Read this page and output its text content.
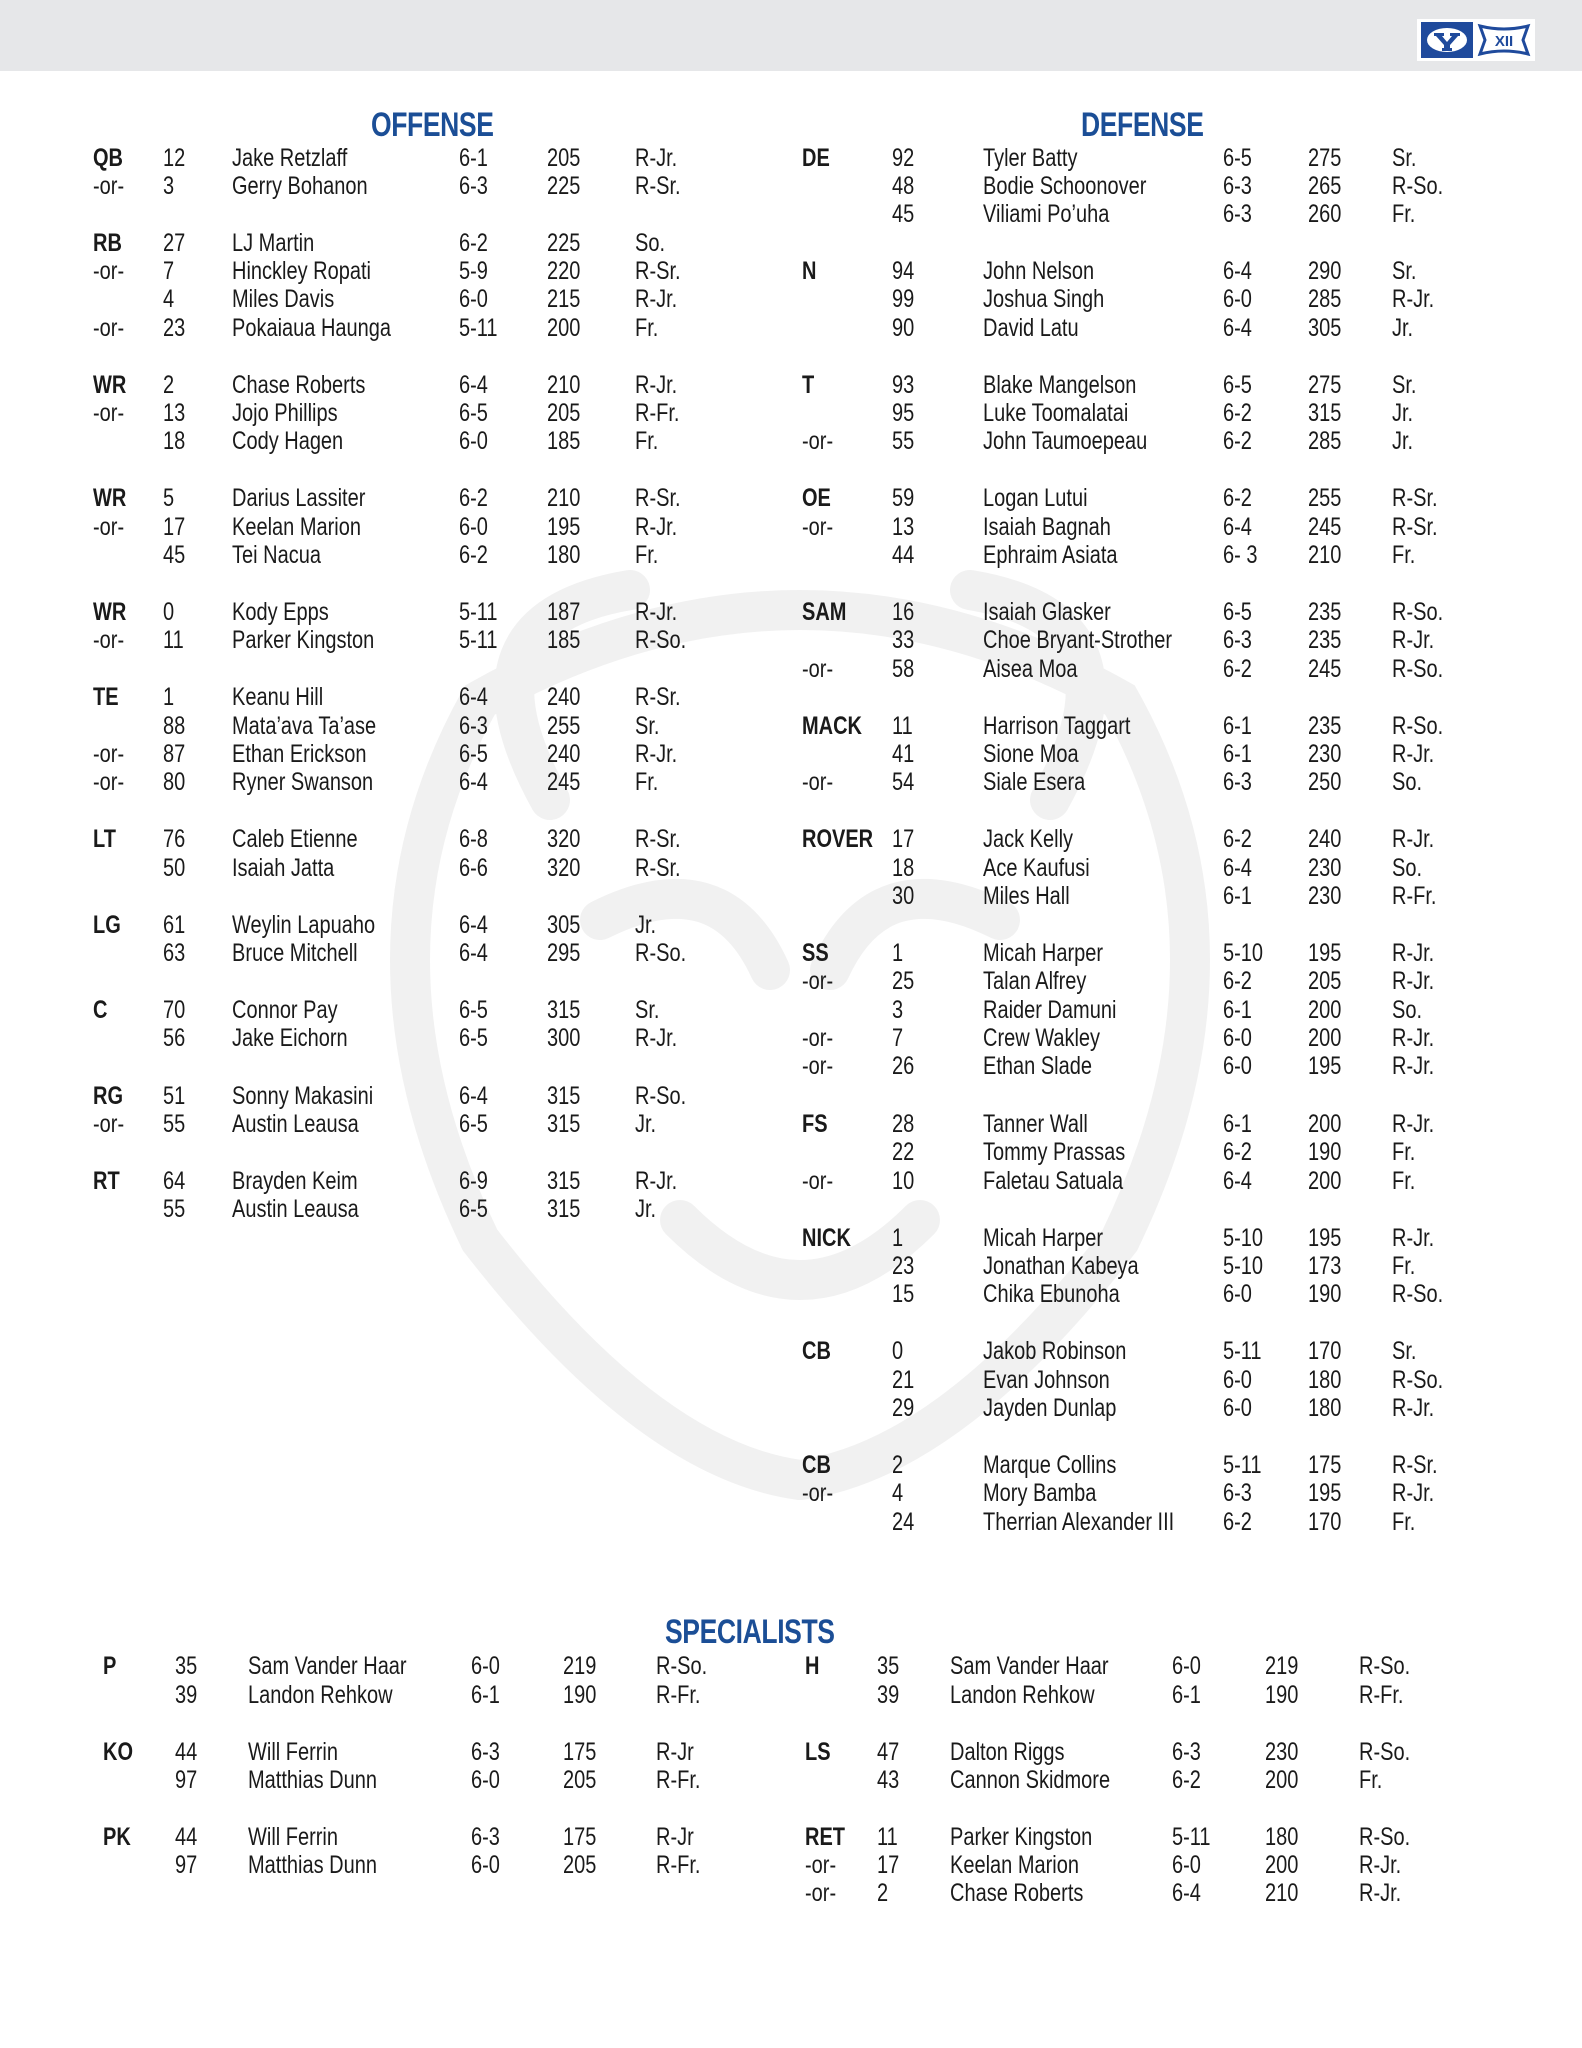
XII
OFFENSE	DEFENSE
SPECIALISTS
QB 12 Jake Retzlaff	6-1 205 R-Jr.
-or- 3 Gerry Bohanon	6-3 225 R-Sr.
RB 27 LJ Martin	6-2 225 So.
-or- 7 Hinckley Ropati	5-9 220 R-Sr.
4 Miles Davis	6-0 215 R-Jr.
-or- 23 Pokaiaua Haunga	5-11 200 Fr.
WR 2 Chase Roberts	6-4 210 R-Jr.
-or- 13 Jojo Phillips	6-5 205 R-Fr.
18 Cody Hagen	6-0 185 Fr.
WR 5 Darius Lassiter	6-2 210 R-Sr.
-or- 17 Keelan Marion	6-0 195 R-Jr.
45 Tei Nacua	6-2 180 Fr.
WR 0 Kody Epps	5-11 187 R-Jr.
-or- 11 Parker Kingston	5-11 185 R-So.
TE 1 Keanu Hill	6-4 240 R-Sr.
88 Mata’ava Ta’ase	6-3 255 Sr.
-or- 87 Ethan Erickson	6-5 240 R-Jr.
-or- 80 Ryner Swanson	6-4 245 Fr.
LT 76 Caleb Etienne	6-8 320 R-Sr.
50 Isaiah Jatta	6-6 320 R-Sr.
LG 61 Weylin Lapuaho	6-4 305 Jr.
63 Bruce Mitchell	6-4 295 R-So.
C 70 Connor Pay	6-5 315 Sr.
56 Jake Eichorn	6-5 300 R-Jr.
RG 51 Sonny Makasini	6-4 315 R-So.
-or- 55 Austin Leausa	6-5 315 Jr.
RT 64 Brayden Keim	6-9 315 R-Jr.
55 Austin Leausa	6-5 315 Jr.
DE 92	Tyler Batty	6-5 275 Sr.
48	Bodie Schoonover	6-3 265 R-So.
45	Viliami Po’uha	6-3 260 Fr.
N	94	John Nelson	6-4 290 Sr.
99	Joshua Singh	6-0 285 R-Jr.
90	David Latu	6-4 305 Jr.
T	93	Blake Mangelson	6-5 275 Sr.
95	Luke Toomalatai	6-2 315 Jr.
-or- 55	John Taumoepeau	6-2 285 Jr.
OE 59	Logan Lutui	6-2 255 R-Sr.
-or- 13	Isaiah Bagnah	6-4 245 R-Sr.
44	Ephraim Asiata	6- 3 210 Fr.
SAM 16	Isaiah Glasker	6-5 235 R-So.
33	Choe Bryant-Strother 6-3 235 R-Jr.
-or- 58	Aisea Moa	6-2 245 R-So.
MACK 11	Harrison Taggart	6-1 235 R-So.
41	Sione Moa	6-1 230 R-Jr.
-or- 54	Siale Esera	6-3 250 So.
ROVER 17	Jack Kelly	6-2 240 R-Jr.
18	Ace Kaufusi	6-4 230 So.
30	Miles Hall	6-1 230 R-Fr.
SS	1	Micah Harper	5-10 195 R-Jr.
-or- 25	Talan Alfrey	6-2 205 R-Jr.
3	Raider Damuni	6-1 200 So.
-or- 7	Crew Wakley	6-0 200 R-Jr.
-or- 26	Ethan Slade	6-0 195 R-Jr.
FS	28	Tanner Wall	6-1 200 R-Jr.
22	Tommy Prassas	6-2 190 Fr.
-or- 10	Faletau Satuala	6-4 200 Fr.
NICK 1	Micah Harper	5-10 195 R-Jr.
23	Jonathan Kabeya	5-10 173 Fr.
15	Chika Ebunoha	6-0 190 R-So.
CB 0	Jakob Robinson	5-11 170 Sr.
21	Evan Johnson	6-0 180 R-So.
29	Jayden Dunlap	6-0 180 R-Jr.
CB 2	Marque Collins	5-11 175 R-Sr.
-or- 4	Mory Bamba	6-3 195 R-Jr.
24	Therrian Alexander III 6-2 170 Fr.
P 35 Sam Vander Haar	6-0	219 R-So.
39 Landon Rehkow	6-1	190 R-Fr.
KO 44 Will Ferrin	6-3	175 R-Jr
97 Matthias Dunn	6-0	205 R-Fr.
PK 44 Will Ferrin	6-3	175 R-Jr
97 Matthias Dunn	6-0	205 R-Fr.
H 35 Sam Vander Haar	6-0	219 R-So.
39 Landon Rehkow	6-1	190 R-Fr.
LS 47 Dalton Riggs	6-3	230 R-So.
43 Cannon Skidmore 6-2	200 Fr.
RET 11 Parker Kingston	5-11 180 R-So.
-or- 17 Keelan Marion	6-0	200 R-Jr.
-or- 2 Chase Roberts	6-4	210 R-Jr.
